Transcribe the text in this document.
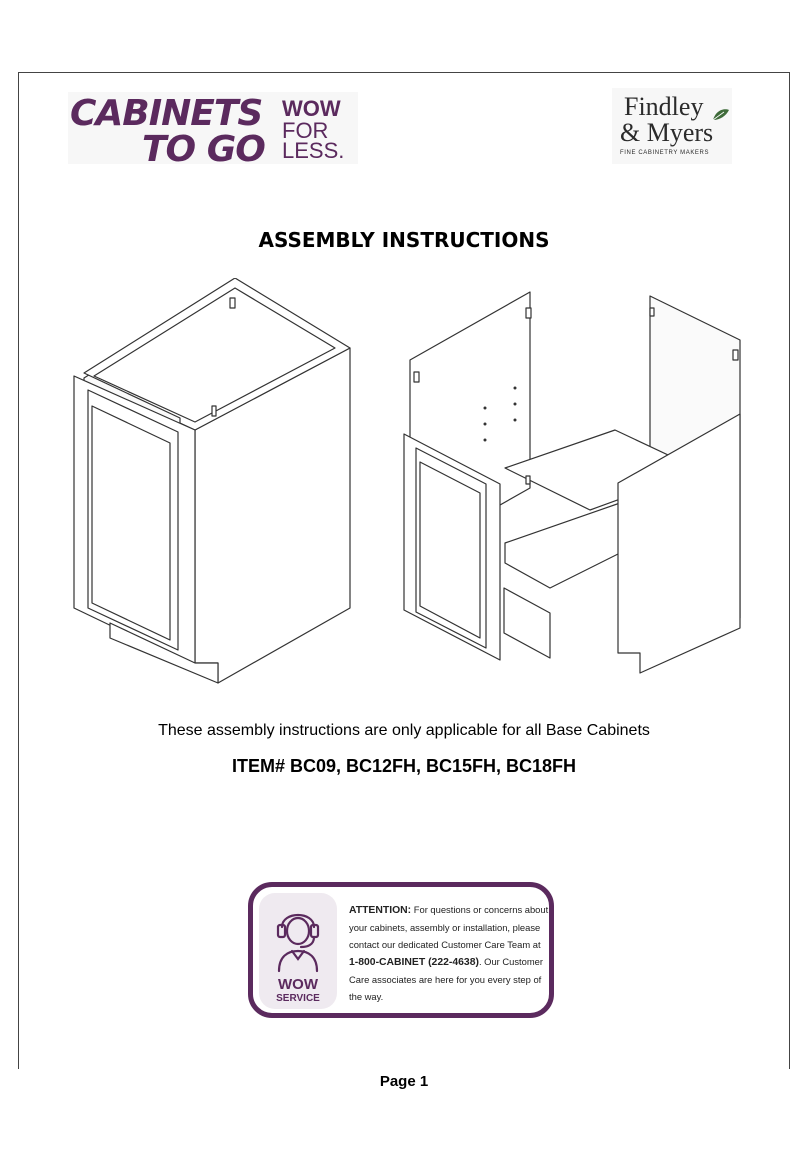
CABINETS
TO GO
WOW
FOR
LESS.
Findley
& Myers
FINE CABINETRY MAKERS
ASSEMBLY INSTRUCTIONS
These assembly instructions are only applicable for all Base Cabinets
ITEM# BC09, BC12FH, BC15FH, BC18FH
WOW
SERVICE
ATTENTION: For questions or concerns about your cabinets, assembly or installation, please contact our dedicated Customer Care Team at 1-800-CABINET (222-4638). Our Customer Care associates are here for you every step of the way.
Page 1
